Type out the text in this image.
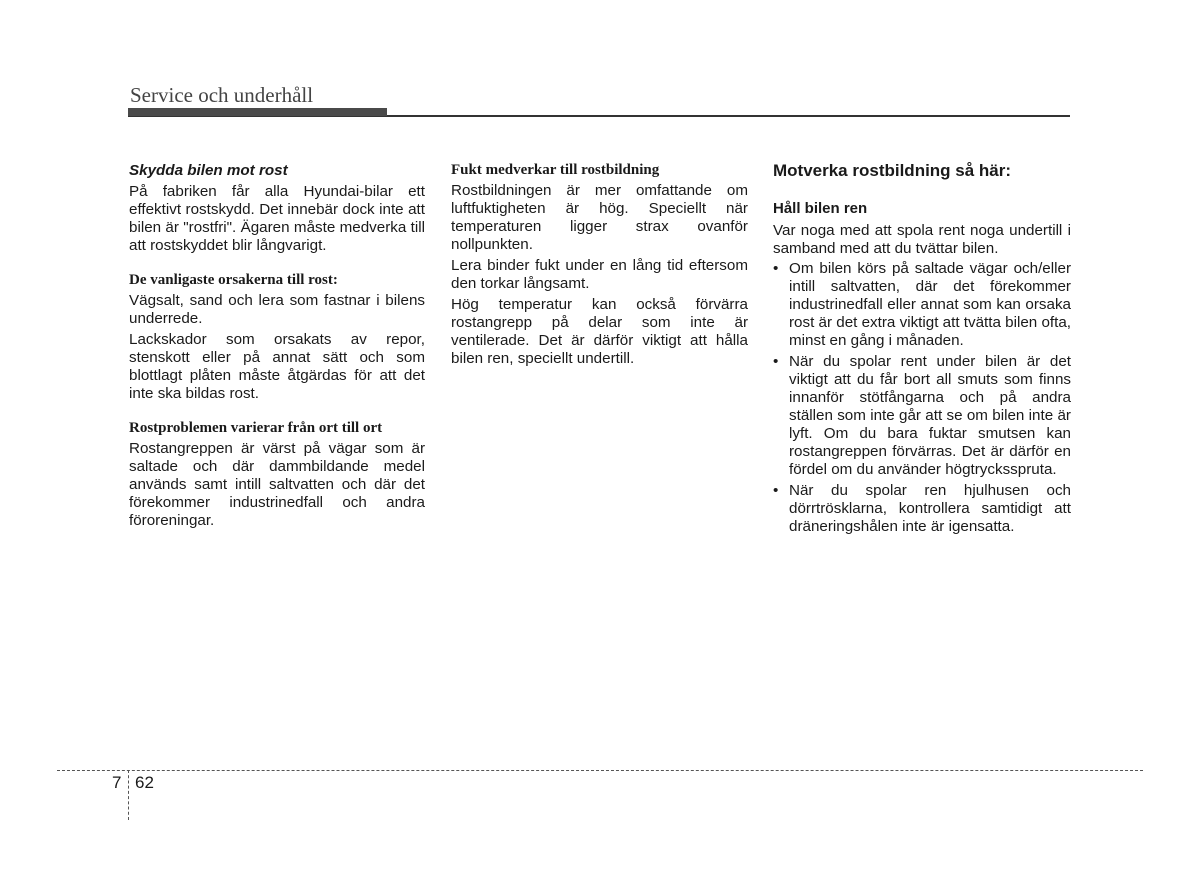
Service och underhåll

Skydda bilen mot rost

På fabriken får alla Hyundai-bilar ett effektivt rostskydd. Det innebär dock inte att bilen är "rostfri". Ägaren måste medverka till att rostskyddet blir långvarigt.

De vanligaste orsakerna till rost:

Vägsalt, sand och lera som fastnar i bilens underrede.

Lackskador som orsakats av repor, stenskott eller på annat sätt och som blottlagt plåten måste åtgärdas för att det inte ska bildas rost.

Rostproblemen varierar från ort till ort

Rostangreppen är värst på vägar som är saltade och där dammbildande medel används samt intill saltvatten och där det förekommer industrinedfall och andra föroreningar.

Fukt medverkar till rostbildning

Rostbildningen är mer omfattande om luftfuktigheten är hög. Speciellt när temperaturen ligger strax ovanför nollpunkten.

Lera binder fukt under en lång tid eftersom den torkar långsamt.

Hög temperatur kan också förvärra rostangrepp på delar som inte är ventilerade. Det är därför viktigt att hålla bilen ren, speciellt undertill.

Motverka rostbildning så här:

Håll bilen ren

Var noga med att spola rent noga undertill i samband med att du tvättar bilen.

• Om bilen körs på saltade vägar och/eller intill saltvatten, där det förekommer industrinedfall eller annat som kan orsaka rost är det extra viktigt att tvätta bilen ofta, minst en gång i månaden.
• När du spolar rent under bilen är det viktigt att du får bort all smuts som finns innanför stötfångarna och på andra ställen som inte går att se om bilen inte är lyft. Om du bara fuktar smutsen kan rostangreppen förvärras. Det är därför en fördel om du använder högtrycksspruta.
• När du spolar ren hjulhusen och dörrtrösklarna, kontrollera samtidigt att dräneringshålen inte är igensatta.
7 62
